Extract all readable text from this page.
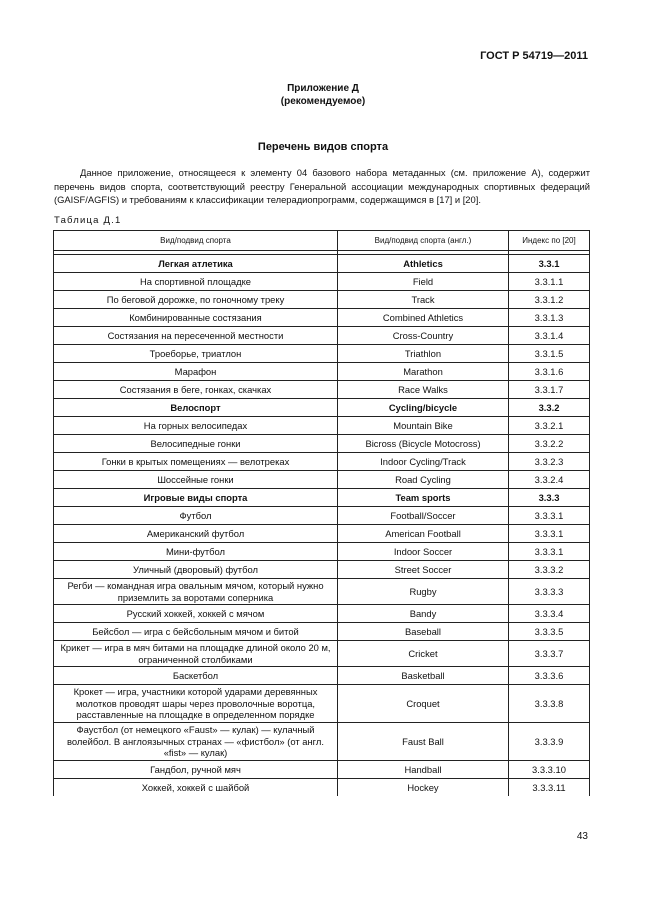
ГОСТ Р 54719—2011
Приложение Д
(рекомендуемое)
Перечень видов спорта
Данное приложение, относящееся к элементу 04 базового набора метаданных (см. приложение А), содержит перечень видов спорта, соответствующий реестру Генеральной ассоциации международных спортивных федераций (GAISF/AGFIS) и требованиям к классификации телерадиопрограмм, содержащимся в [17] и [20].
Таблица Д.1
Вид/подвид спорта	Вид/подвид спорта (англ.)	Индекс по [20]

Легкая атлетика	Athletics	3.3.1
На спортивной площадке	Field	3.3.1.1
По беговой дорожке, по гоночному треку	Track	3.3.1.2
Комбинированные состязания	Combined Athletics	3.3.1.3
Состязания на пересеченной местности	Cross-Country	3.3.1.4
Троеборье, триатлон	Triathlon	3.3.1.5
Марафон	Marathon	3.3.1.6
Состязания в беге, гонках, скачках	Race Walks	3.3.1.7
Велоспорт	Cycling/bicycle	3.3.2
На горных велосипедах	Mountain Bike	3.3.2.1
Велосипедные гонки	Bicross (Bicycle Motocross)	3.3.2.2
Гонки в крытых помещениях — велотреках	Indoor Cycling/Track	3.3.2.3
Шоссейные гонки	Road Cycling	3.3.2.4
Игровые виды спорта	Team sports	3.3.3
Футбол	Football/Soccer	3.3.3.1
Американский футбол	American Football	3.3.3.1
Мини-футбол	Indoor Soccer	3.3.3.1
Уличный (дворовый) футбол	Street Soccer	3.3.3.2
Регби — командная игра овальным мячом, который нужно приземлить за воротами соперника	Rugby	3.3.3.3
Русский хоккей, хоккей с мячом	Bandy	3.3.3.4
Бейсбол — игра с бейсбольным мячом и битой	Baseball	3.3.3.5
Крикет — игра в мяч битами на площадке длиной около 20 м, ограниченной столбиками	Cricket	3.3.3.7
Баскетбол	Basketball	3.3.3.6
Крокет — игра, участники которой ударами деревянных молотков проводят шары через проволочные воротца, расставленные на площадке в определенном порядке	Croquet	3.3.3.8
Фаустбол (от немецкого «Faust» — кулак) — кулачный волейбол. В англоязычных странах — «фистбол» (от англ. «fist» — кулак)	Faust Ball	3.3.3.9
Гандбол, ручной мяч	Handball	3.3.3.10
Хоккей, хоккей с шайбой	Hockey	3.3.3.11
43
